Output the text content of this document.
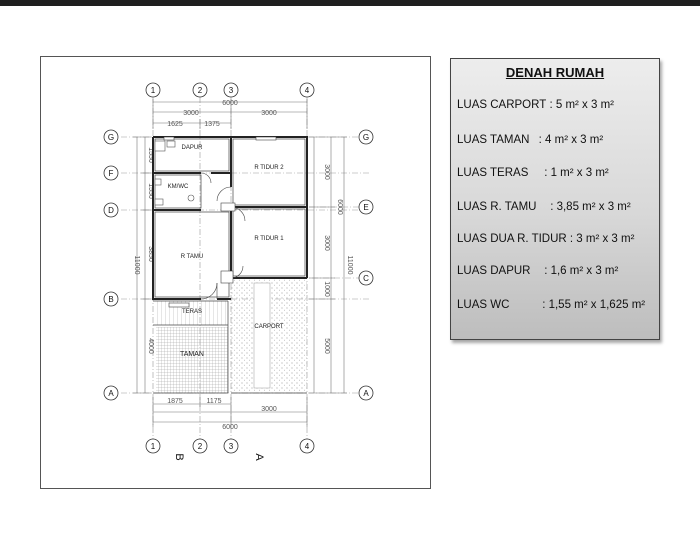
6000
3000	3000
1625	1375
1875	1175
3000
6000
1550
1550
3850
4000
11000
3000
3000
1000
5000
6000
11000
DAPUR
KM/WC
R TIDUR 2
R TIDUR 1
R TAMU
TERAS
TAMAN
CARPORT
1	2	3	4
1	2	3	4
G
F
D
B
A
G
E
C
A
B	A
DENAH RUMAH
LUAS CARPORT : 5 m² x 3 m²
LUAS TAMAN : 4 m² x 3 m²
LUAS TERAS : 1 m² x 3 m²
LUAS R. TAMU : 3,85 m² x 3 m²
LUAS DUA R. TIDUR : 3 m² x 3 m²
LUAS DAPUR : 1,6 m² x 3 m²
LUAS WC	: 1,55 m² x 1,625 m²
